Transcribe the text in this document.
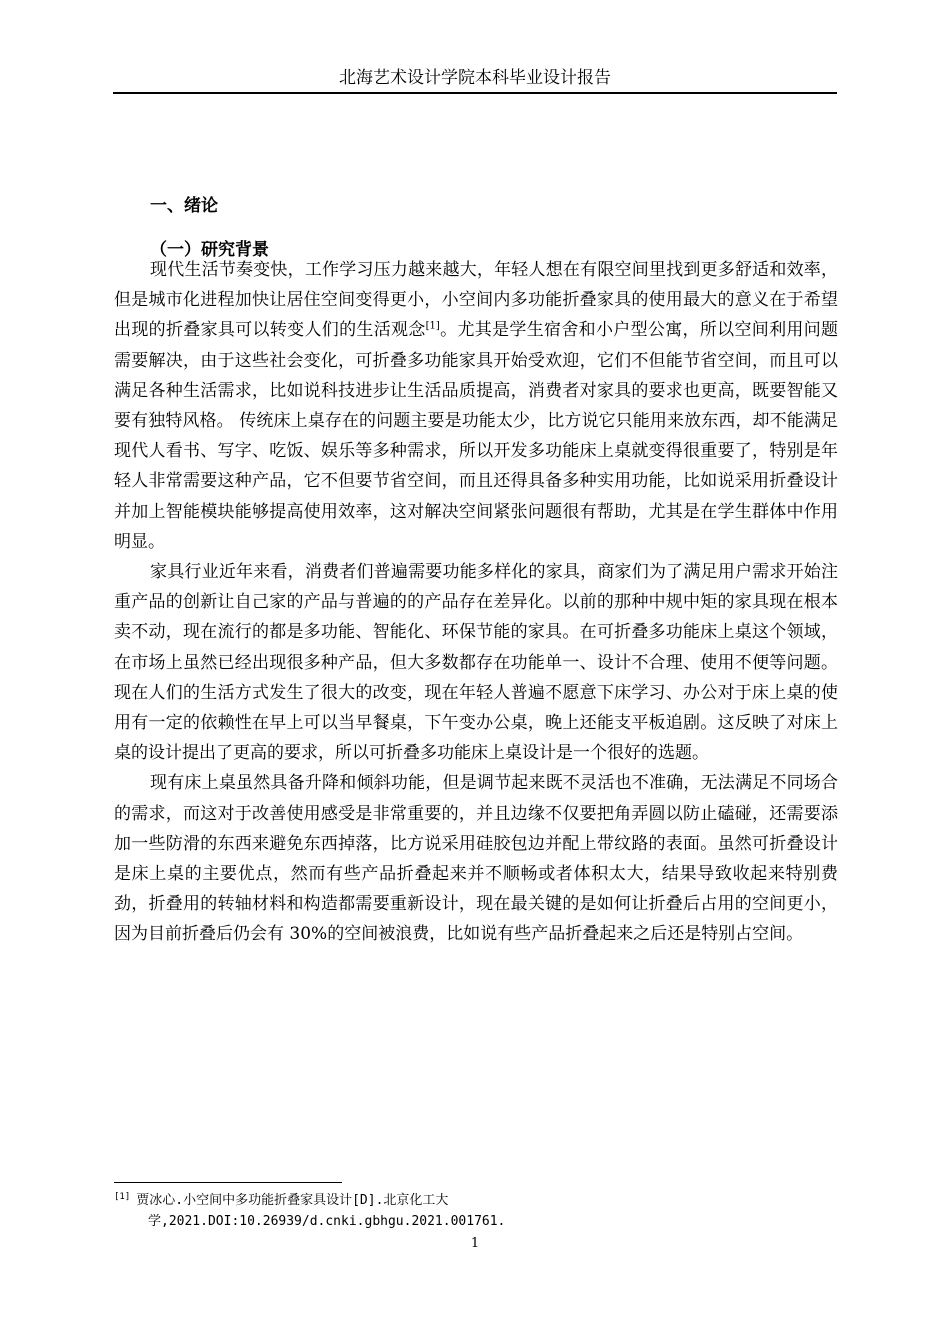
北海艺术设计学院本科毕业设计报告
一、绪论
（一）研究背景

现代生活节奏变快，工作学习压力越来越大，年轻人想在有限空间里找到更多舒适和效率，但是城市化进程加快让居住空间变得更小，小空间内多功能折叠家具的使用最大的意义在于希望出现的折叠家具可以转变人们的生活观念[1]。尤其是学生宿舍和小户型公寓，所以空间利用问题需要解决，由于这些社会变化，可折叠多功能家具开始受欢迎，它们不但能节省空间，而且可以满足各种生活需求，比如说科技进步让生活品质提高，消费者对家具的要求也更高，既要智能又要有独特风格。 传统床上桌存在的问题主要是功能太少，比方说它只能用来放东西，却不能满足现代人看书、写字、吃饭、娱乐等多种需求，所以开发多功能床上桌就变得很重要了，特别是年轻人非常需要这种产品，它不但要节省空间，而且还得具备多种实用功能，比如说采用折叠设计并加上智能模块能够提高使用效率，这对解决空间紧张问题很有帮助，尤其是在学生群体中作用明显。

家具行业近年来看，消费者们普遍需要功能多样化的家具，商家们为了满足用户需求开始注重产品的创新让自己家的产品与普遍的的产品存在差异化。以前的那种中规中矩的家具现在根本卖不动，现在流行的都是多功能、智能化、环保节能的家具。在可折叠多功能床上桌这个领域，在市场上虽然已经出现很多种产品，但大多数都存在功能单一、设计不合理、使用不便等问题。现在人们的生活方式发生了很大的改变，现在年轻人普遍不愿意下床学习、办公对于床上桌的使用有一定的依赖性在早上可以当早餐桌，下午变办公桌，晚上还能支平板追剧。这反映了对床上桌的设计提出了更高的要求，所以可折叠多功能床上桌设计是一个很好的选题。

现有床上桌虽然具备升降和倾斜功能，但是调节起来既不灵活也不准确，无法满足不同场合的需求，而这对于改善使用感受是非常重要的，并且边缘不仅要把角弄圆以防止磕碰，还需要添加一些防滑的东西来避免东西掉落，比方说采用硅胶包边并配上带纹路的表面。虽然可折叠设计是床上桌的主要优点，然而有些产品折叠起来并不顺畅或者体积太大，结果导致收起来特别费劲，折叠用的转轴材料和构造都需要重新设计，现在最关键的是如何让折叠后占用的空间更小，因为目前折叠后仍会有 30%的空间被浪费，比如说有些产品折叠起来之后还是特别占空间。

[1] 贾冰心.小空间中多功能折叠家具设计[D].北京化工大
学,2021.DOI:10.26939/d.cnki.gbhgu.2021.001761.
1
